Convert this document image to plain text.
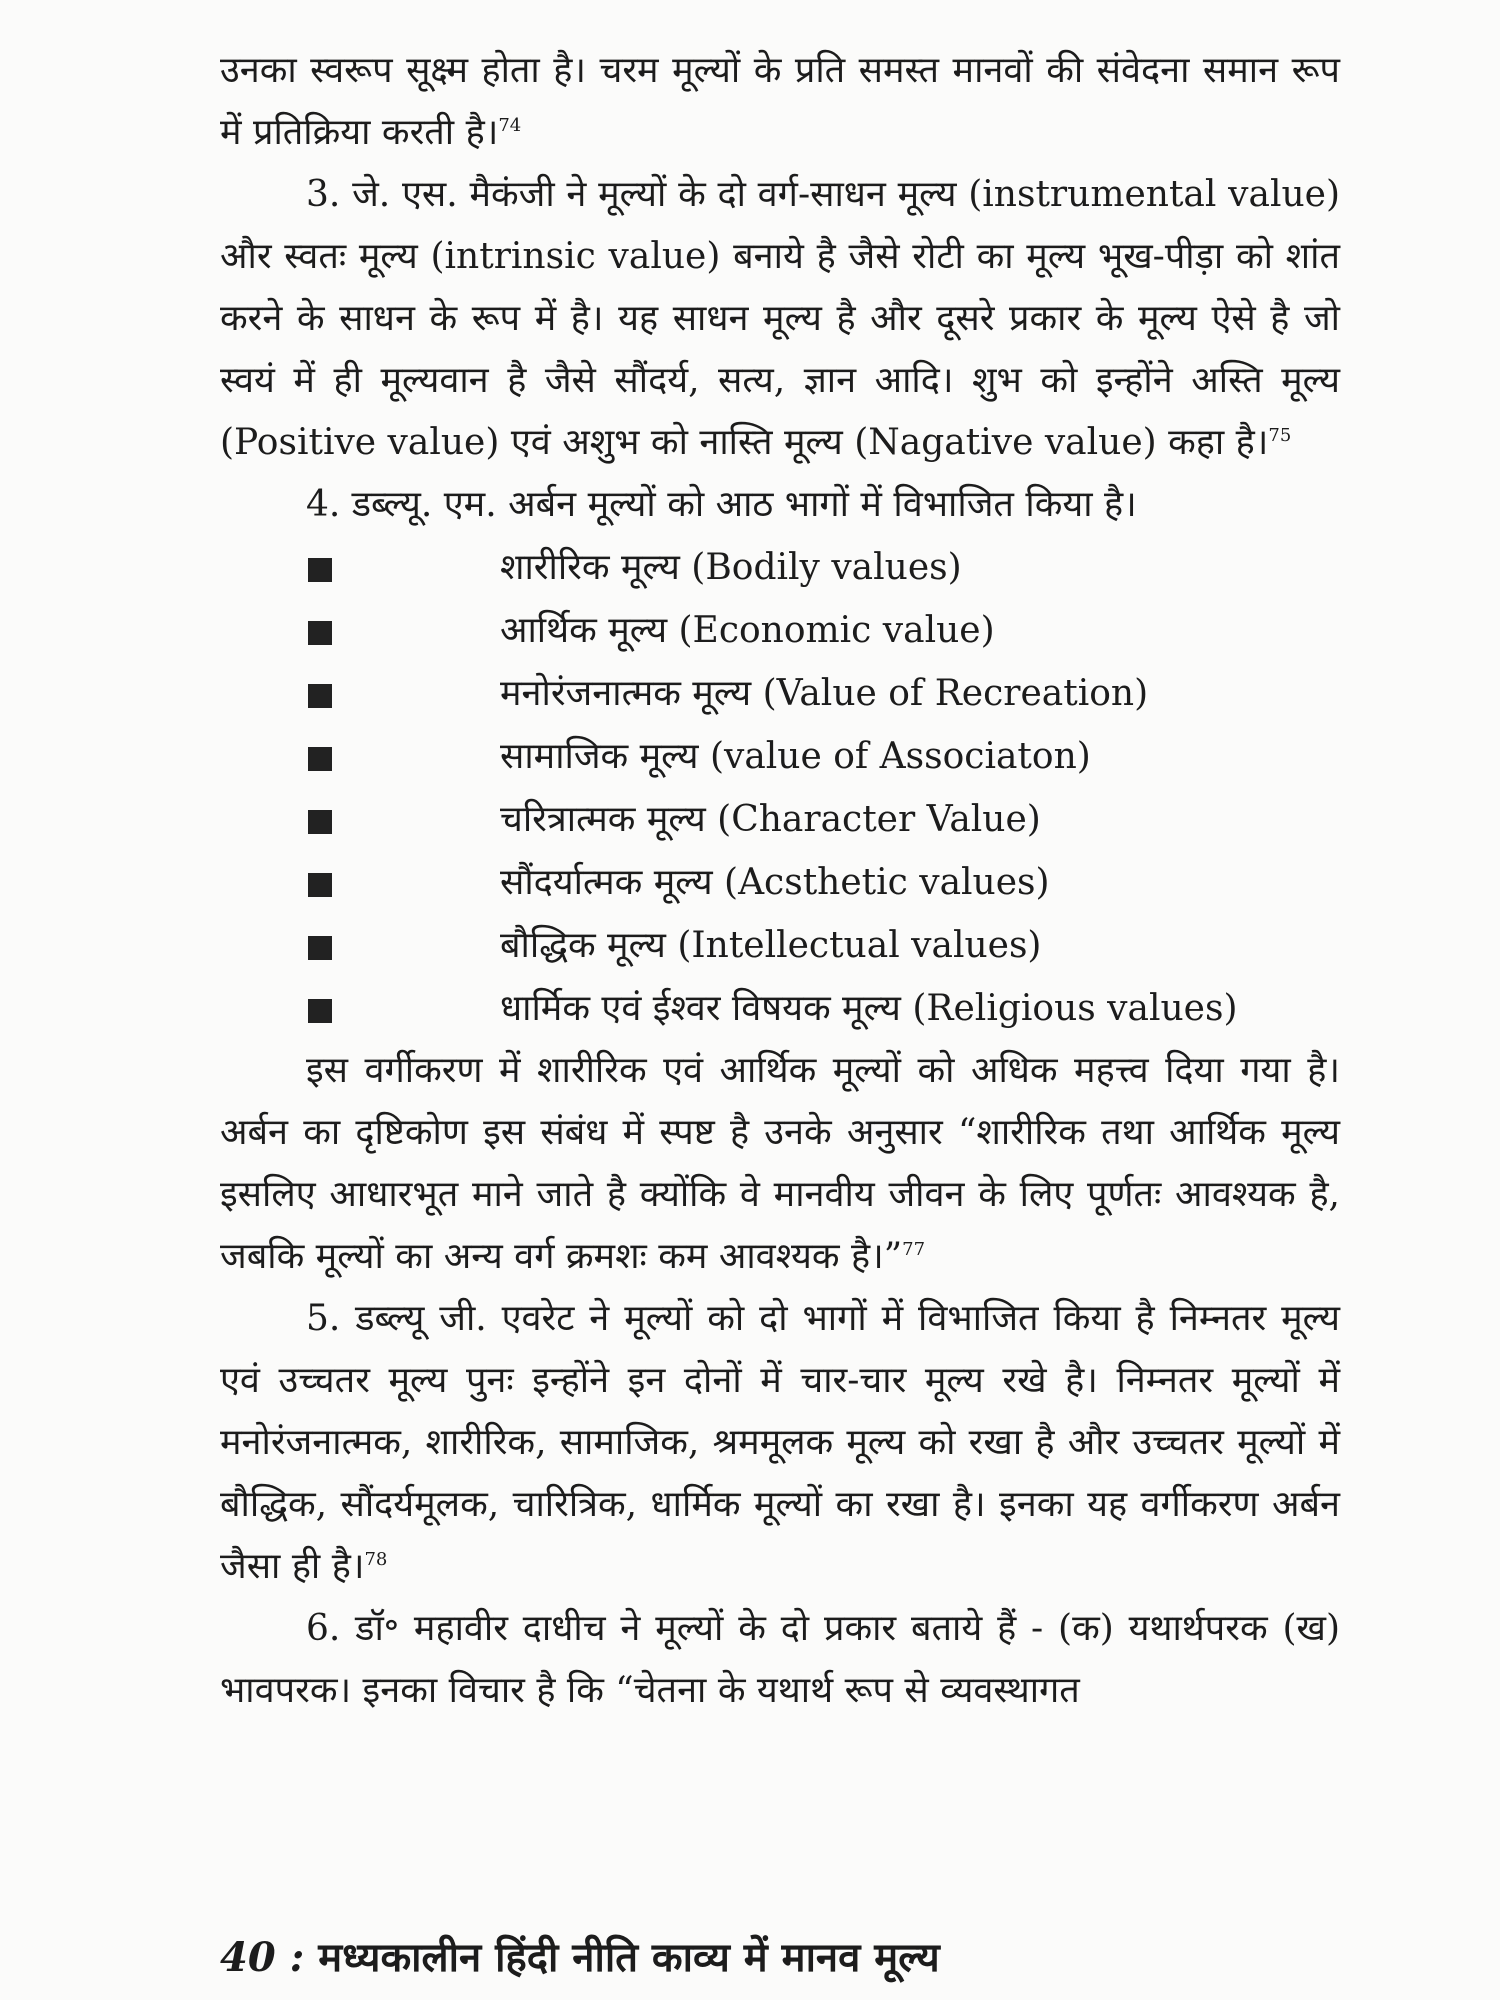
उनका स्वरूप सूक्ष्म होता है। चरम मूल्यों के प्रति समस्त मानवों की संवेदना समान रूप में प्रतिक्रिया करती है।$^{74}$

3. जे. एस. मैकंजी ने मूल्यों के दो वर्ग-साधन मूल्य (instrumental value) और स्वतः मूल्य (intrinsic value) बनाये है जैसे रोटी का मूल्य भूख-पीड़ा को शांत करने के साधन के रूप में है। यह साधन मूल्य है और दूसरे प्रकार के मूल्य ऐसे है जो स्वयं में ही मूल्यवान है जैसे सौंदर्य, सत्य, ज्ञान आदि। शुभ को इन्होंने अस्ति मूल्य (Positive value) एवं अशुभ को नास्ति मूल्य (Nagative value) कहा है।$^{75}$

4. डब्ल्यू. एम. अर्बन मूल्यों को आठ भागों में विभाजित किया है।

शारीरिक मूल्य (Bodily values)
आर्थिक मूल्य (Economic value)
मनोरंजनात्मक मूल्य (Value of Recreation)
सामाजिक मूल्य (value of Associaton)
चरित्रात्मक मूल्य (Character Value)
सौंदर्यात्मक मूल्य (Acsthetic values)
बौद्धिक मूल्य (Intellectual values)
धार्मिक एवं ईश्वर विषयक मूल्य (Religious values)

इस वर्गीकरण में शारीरिक एवं आर्थिक मूल्यों को अधिक महत्त्व दिया गया है। अर्बन का दृष्टिकोण इस संबंध में स्पष्ट है उनके अनुसार “शारीरिक तथा आर्थिक मूल्य इसलिए आधारभूत माने जाते है क्योंकि वे मानवीय जीवन के लिए पूर्णतः आवश्यक है, जबकि मूल्यों का अन्य वर्ग क्रमशः कम आवश्यक है।”$^{77}$

5. डब्ल्यू जी. एवरेट ने मूल्यों को दो भागों में विभाजित किया है निम्नतर मूल्य एवं उच्चतर मूल्य पुनः इन्होंने इन दोनों में चार-चार मूल्य रखे है। निम्नतर मूल्यों में मनोरंजनात्मक, शारीरिक, सामाजिक, श्रममूलक मूल्य को रखा है और उच्चतर मूल्यों में बौद्धिक, सौंदर्यमूलक, चारित्रिक, धार्मिक मूल्यों का रखा है। इनका यह वर्गीकरण अर्बन जैसा ही है।$^{78}$

6. डॉ॰ महावीर दाधीच ने मूल्यों के दो प्रकार बताये हैं - (क) यथार्थपरक (ख) भावपरक। इनका विचार है कि “चेतना के यथार्थ रूप से व्यवस्थागत

40 : मध्यकालीन हिंदी नीति काव्य में मानव मूल्य
